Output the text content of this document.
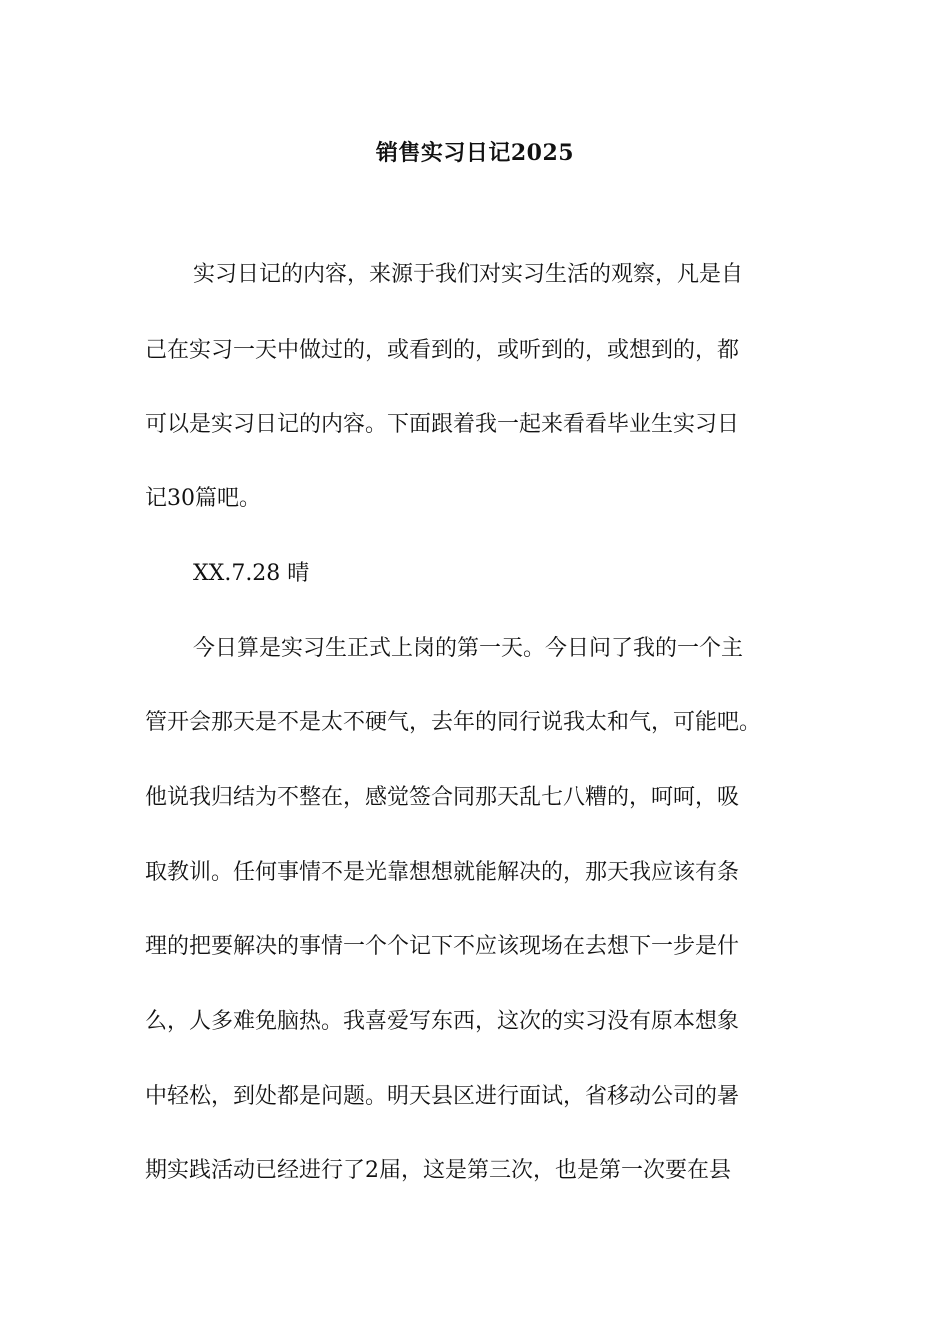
销售实习日记2025
实习日记的内容，来源于我们对实习生活的观察，凡是自
己在实习一天中做过的，或看到的，或听到的，或想到的，都
可以是实习日记的内容。下面跟着我一起来看看毕业生实习日
记30篇吧。
XX.7.28 晴
今日算是实习生正式上岗的第一天。今日问了我的一个主
管开会那天是不是太不硬气，去年的同行说我太和气，可能吧。
他说我归结为不整在，感觉签合同那天乱七八糟的，呵呵，吸
取教训。任何事情不是光靠想想就能解决的，那天我应该有条
理的把要解决的事情一个个记下不应该现场在去想下一步是什
么，人多难免脑热。我喜爱写东西，这次的实习没有原本想象
中轻松，到处都是问题。明天县区进行面试，省移动公司的暑
期实践活动已经进行了2届，这是第三次，也是第一次要在县
